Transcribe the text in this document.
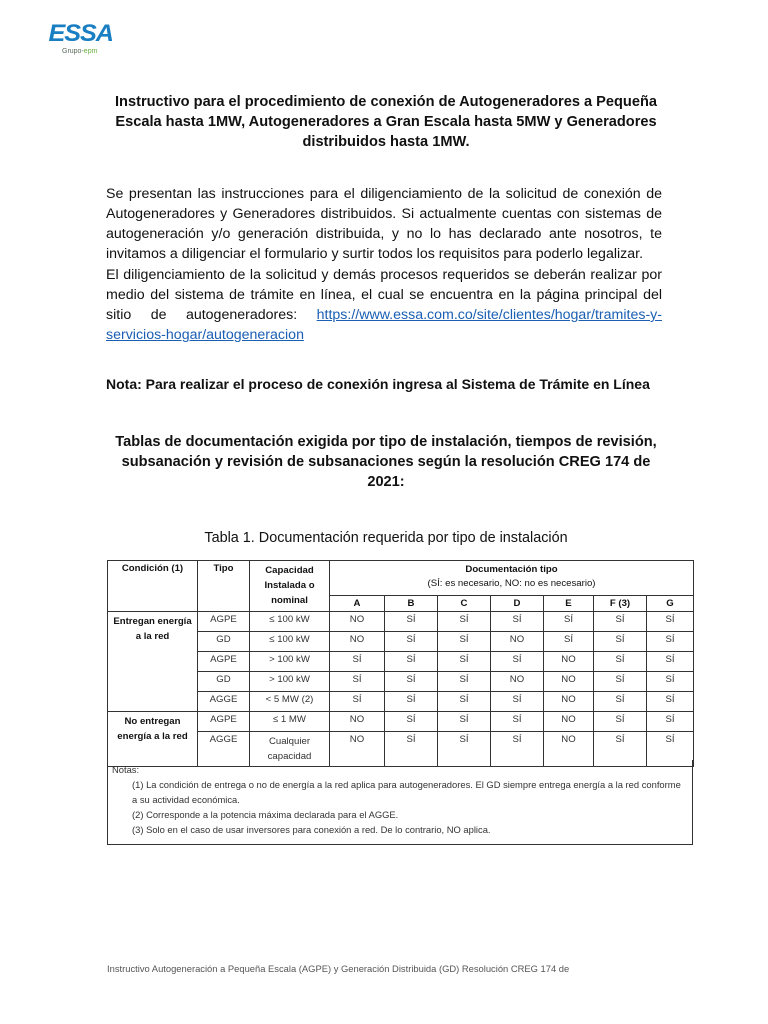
ESSA
Grupo-epm
Instructivo para el procedimiento de conexión de Autogeneradores a Pequeña Escala hasta 1MW, Autogeneradores a Gran Escala hasta 5MW y Generadores distribuidos hasta 1MW.
Se presentan las instrucciones para el diligenciamiento de la solicitud de conexión de Autogeneradores y Generadores distribuidos. Si actualmente cuentas con sistemas de autogeneración y/o generación distribuida, y no lo has declarado ante nosotros, te invitamos a diligenciar el formulario y surtir todos los requisitos para poderlo legalizar.
El diligenciamiento de la solicitud y demás procesos requeridos se deberán realizar por medio del sistema de trámite en línea, el cual se encuentra en la página principal del sitio de autogeneradores: https://www.essa.com.co/site/clientes/hogar/tramites-y-servicios-hogar/autogeneracion
Nota: Para realizar el proceso de conexión ingresa al Sistema de Trámite en Línea
Tablas de documentación exigida por tipo de instalación, tiempos de revisión, subsanación y revisión de subsanaciones según la resolución CREG 174 de 2021:
Tabla 1. Documentación requerida por tipo de instalación
Condición (1)	Tipo	Capacidad Instalada o nominal	Documentación tipo
(SÍ: es necesario, NO: no es necesario)						

			A	B	C	D	E	F (3)	G
Entregan energía a la red	AGPE	≤ 100 kW	NO	SÍ	SÍ	SÍ	SÍ	SÍ	SÍ
	GD	≤ 100 kW	NO	SÍ	SÍ	NO	SÍ	SÍ	SÍ
	AGPE	> 100 kW	SÍ	SÍ	SÍ	SÍ	NO	SÍ	SÍ
	GD	> 100 kW	SÍ	SÍ	SÍ	NO	NO	SÍ	SÍ
	AGGE	< 5 MW (2)	SÍ	SÍ	SÍ	SÍ	NO	SÍ	SÍ
No entregan energía a la red	AGPE	≤ 1 MW	NO	SÍ	SÍ	SÍ	NO	SÍ	SÍ
	AGGE	Cualquier capacidad	NO	SÍ	SÍ	SÍ	NO	SÍ	SÍ
Notas:
(1) La condición de entrega o no de energía a la red aplica para autogeneradores. El GD siempre entrega energía a la red conforme a su actividad económica.
(2) Corresponde a la potencia máxima declarada para el AGGE.
(3) Solo en el caso de usar inversores para conexión a red. De lo contrario, NO aplica.
Instructivo Autogeneración a Pequeña Escala (AGPE) y Generación Distribuida (GD) Resolución CREG 174 de
